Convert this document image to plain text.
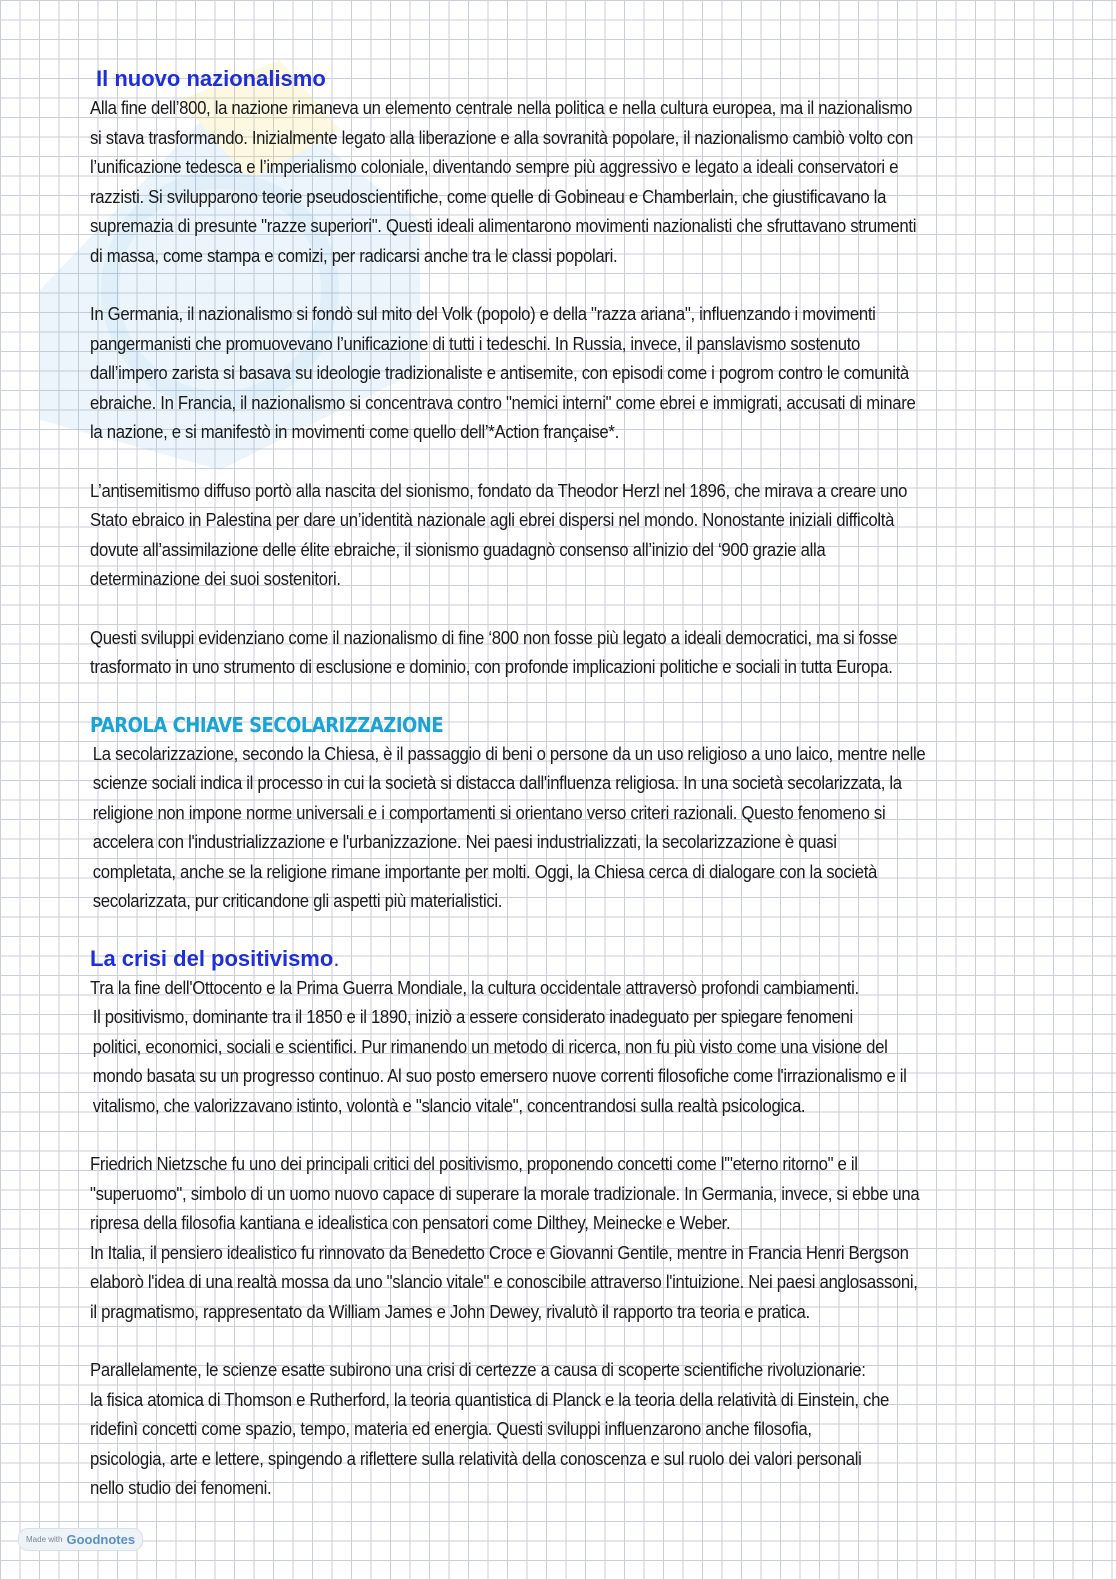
Il nuovo nazionalismo

Alla fine dell’800, la nazione rimaneva un elemento centrale nella politica e nella cultura europea, ma il nazionalismo
si stava trasformando. Inizialmente legato alla liberazione e alla sovranità popolare, il nazionalismo cambiò volto con
l’unificazione tedesca e l’imperialismo coloniale, diventando sempre più aggressivo e legato a ideali conservatori e
razzisti. Si svilupparono teorie pseudoscientifiche, come quelle di Gobineau e Chamberlain, che giustificavano la
supremazia di presunte "razze superiori". Questi ideali alimentarono movimenti nazionalisti che sfruttavano strumenti
di massa, come stampa e comizi, per radicarsi anche tra le classi popolari.

In Germania, il nazionalismo si fondò sul mito del Volk (popolo) e della "razza ariana", influenzando i movimenti
pangermanisti che promuovevano l’unificazione di tutti i tedeschi. In Russia, invece, il panslavismo sostenuto
dall’impero zarista si basava su ideologie tradizionaliste e antisemite, con episodi come i pogrom contro le comunità
ebraiche. In Francia, il nazionalismo si concentrava contro "nemici interni" come ebrei e immigrati, accusati di minare
la nazione, e si manifestò in movimenti come quello dell’*Action française*.

L’antisemitismo diffuso portò alla nascita del sionismo, fondato da Theodor Herzl nel 1896, che mirava a creare uno
Stato ebraico in Palestina per dare un’identità nazionale agli ebrei dispersi nel mondo. Nonostante iniziali difficoltà
dovute all’assimilazione delle élite ebraiche, il sionismo guadagnò consenso all’inizio del ‘900 grazie alla
determinazione dei suoi sostenitori.

Questi sviluppi evidenziano come il nazionalismo di fine ‘800 non fosse più legato a ideali democratici, ma si fosse
trasformato in uno strumento di esclusione e dominio, con profonde implicazioni politiche e sociali in tutta Europa.

PAROLA CHIAVE SECOLARIZZAZIONE

La secolarizzazione, secondo la Chiesa, è il passaggio di beni o persone da un uso religioso a uno laico, mentre nelle
scienze sociali indica il processo in cui la società si distacca dall'influenza religiosa. In una società secolarizzata, la
religione non impone norme universali e i comportamenti si orientano verso criteri razionali. Questo fenomeno si
accelera con l'industrializzazione e l'urbanizzazione. Nei paesi industrializzati, la secolarizzazione è quasi
completata, anche se la religione rimane importante per molti. Oggi, la Chiesa cerca di dialogare con la società
secolarizzata, pur criticandone gli aspetti più materialistici.

La crisi del positivismo.

Tra la fine dell'Ottocento e la Prima Guerra Mondiale, la cultura occidentale attraversò profondi cambiamenti.
Il positivismo, dominante tra il 1850 e il 1890, iniziò a essere considerato inadeguato per spiegare fenomeni
politici, economici, sociali e scientifici. Pur rimanendo un metodo di ricerca, non fu più visto come una visione del
mondo basata su un progresso continuo. Al suo posto emersero nuove correnti filosofiche come l'irrazionalismo e il
vitalismo, che valorizzavano istinto, volontà e "slancio vitale", concentrandosi sulla realtà psicologica.

Friedrich Nietzsche fu uno dei principali critici del positivismo, proponendo concetti come l'"eterno ritorno" e il
"superuomo", simbolo di un uomo nuovo capace di superare la morale tradizionale. In Germania, invece, si ebbe una
ripresa della filosofia kantiana e idealistica con pensatori come Dilthey, Meinecke e Weber.
In Italia, il pensiero idealistico fu rinnovato da Benedetto Croce e Giovanni Gentile, mentre in Francia Henri Bergson
elaborò l'idea di una realtà mossa da uno "slancio vitale" e conoscibile attraverso l'intuizione. Nei paesi anglosassoni,
il pragmatismo, rappresentato da William James e John Dewey, rivalutò il rapporto tra teoria e pratica.

Parallelamente, le scienze esatte subirono una crisi di certezze a causa di scoperte scientifiche rivoluzionarie:
la fisica atomica di Thomson e Rutherford, la teoria quantistica di Planck e la teoria della relatività di Einstein, che
ridefinì concetti come spazio, tempo, materia ed energia. Questi sviluppi influenzarono anche filosofia,
psicologia, arte e lettere, spingendo a riflettere sulla relatività della conoscenza e sul ruolo dei valori personali
nello studio dei fenomeni.

Made with Goodnotes
